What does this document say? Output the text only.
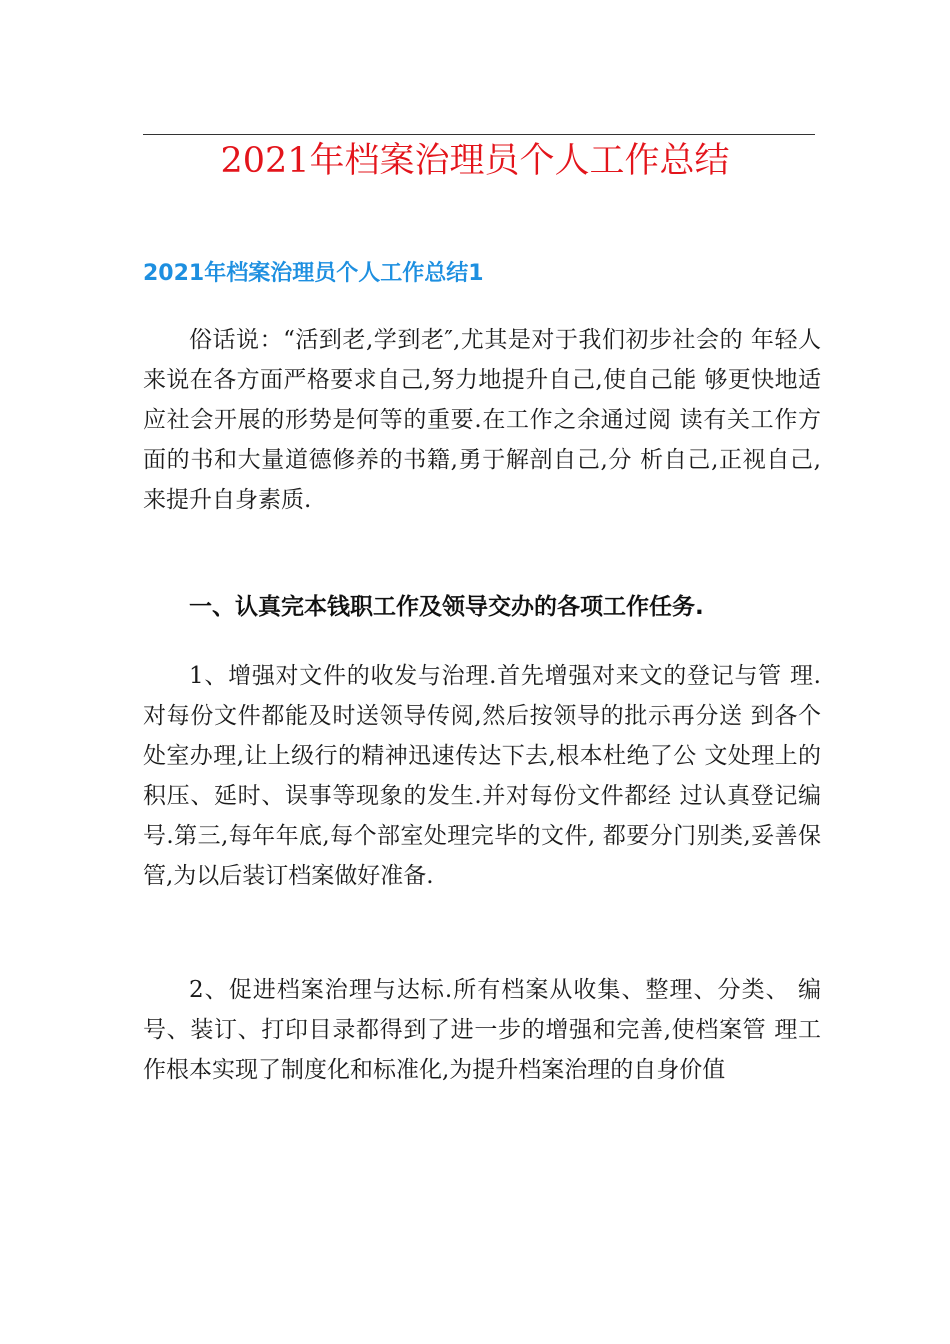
2021年档案治理员个人工作总结
2021年档案治理员个人工作总结1

俗话说：“活到老,学到老″,尤其是对于我们初步社会的 年轻人来说在各方面严格要求自己,努力地提升自己,使自己能 够更快地适应社会开展的形势是何等的重要.在工作之余通过阅 读有关工作方面的书和大量道德修养的书籍,勇于解剖自己,分 析自己,正视自己,来提升自身素质.

一、认真完本钱职工作及领导交办的各项工作任务.

1、增强对文件的收发与治理.首先增强对来文的登记与管 理.对每份文件都能及时送领导传阅,然后按领导的批示再分送 到各个处室办理,让上级行的精神迅速传达下去,根本杜绝了公 文处理上的积压、延时、误事等现象的发生.并对每份文件都经 过认真登记编号.第三,每年年底,每个部室处理完毕的文件, 都要分门别类,妥善保管,为以后装订档案做好准备.

2、促进档案治理与达标.所有档案从收集、整理、分类、 编号、装订、打印目录都得到了进一步的增强和完善,使档案管 理工作根本实现了制度化和标准化,为提升档案治理的自身价值
